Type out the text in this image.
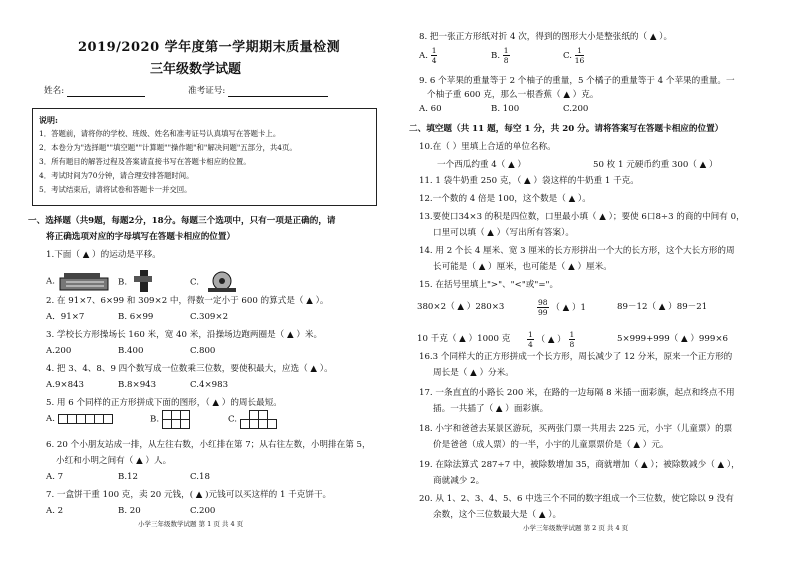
2019/2020 学年度第一学期期末质量检测
三年级数学试题
姓名:	准考证号:
说明:
1．答题前，请将你的学校、班级、姓名和准考证号认真填写在答题卡上。
2．本卷分为"选择题""填空题""计算题""操作题"和"解决问题"五部分，共4页。
3．所有题目的解答过程及答案请直接书写在答题卡相应的位置。
4．考试时间为70分钟，请合理安排答题时间。
5．考试结束后，请将试卷和答题卡一并交回。
一、选择题（共9题，每题2分，18分。每题三个选项中，只有一项是正确的，请
将正确选项对应的字母填写在答题卡相应的位置）
1.下面（ ▲ ）的运动是平移。
A.	B.	C.
2. 在 91×7、6×99 和 309×2 中，得数一定小于 600 的算式是（ ▲ ）。
A．91×7	B. 6×99	C.309×2
3. 学校长方形操场长 160 米，宽 40 米，沿操场边跑两圈是（ ▲ ）米。
A.200	B.400	C.800
4. 把 3、4、8、9 四个数写成一位数乘三位数，要使积最大，应选（ ▲ ）。
A.9×843	B.8×943	C.4×983
5. 用 6 个同样的正方形拼成下面的图形，（ ▲ ）的周长最短。
A.	B.	C.
6. 20 个小朋友站成一排，从左往右数，小红排在第 7；从右往左数，小明排在第 5，
小红和小明之间有（ ▲ ）人。
A. 7	B.12	C.18
7. 一盒饼干重 100 克，卖 20 元钱，( ▲ )元钱可以买这样的 1 千克饼干。
A. 2	B. 20	C.200
小学三年级数学试题 第 1 页 共 4 页
8. 把一张正方形纸对折 4 次，得到的图形大小是整张纸的（ ▲ ）。
A. $\frac{1}{4}$	B. $\frac{1}{8}$	C. $\frac{1}{16}$
9. 6 个苹果的重量等于 2 个柚子的重量，5 个橘子的重量等于 4 个苹果的重量。一
个柚子重 600 克，那么一根香蕉（ ▲ ）克。
A. 60	B. 100	C.200
二、填空题（共 11 题，每空 1 分，共 20 分。请将答案写在答题卡相应的位置）
10.在（ ）里填上合适的单位名称。
一个西瓜约重 4（ ▲ ）	50 枚 1 元硬币约重 300（ ▲ ）
11. 1 袋牛奶重 250 克，（ ▲ ）袋这样的牛奶重 1 千克。
12.一个数的 4 倍是 100，这个数是（ ▲ ）。
13.要使口34×3 的积是四位数，口里最小填（ ▲ ）；要使 6口8÷3 的商的中间有 0，
口里可以填（ ▲ ）（写出所有答案）。
14. 用 2 个长 4 厘米、宽 3 厘米的长方形拼出一个大的长方形，这个大长方形的周
长可能是（ ▲ ）厘米，也可能是（ ▲ ）厘米。
15. 在括号里填上">"、"<"或"="。
380×2（ ▲ ）280×3	$\frac{98}{99}$ （ ▲ ）1	89－12（ ▲ ）89－21
10 千克（ ▲ ）1000 克 $\frac{1}{4}$ （ ▲ ） $\frac{1}{8}$	5×999+999（ ▲ ）999×6
16.3 个同样大的正方形拼成一个长方形，周长减少了 12 分米，原来一个正方形的
周长是（ ▲ ）分米。
17. 一条直直的小路长 200 米，在路的一边每隔 8 米插一面彩旗，起点和终点不用
插。一共插了（ ▲ ）面彩旗。
18. 小宇和爸爸去某景区游玩，买两张门票一共用去 225 元，小宇（儿童票）的票
价是爸爸（成人票）的一半，小宇的儿童票票价是（ ▲ ）元。
19. 在除法算式 287÷7 中，被除数增加 35，商就增加（ ▲ ）；被除数减少（ ▲ ），
商就减少 2。
20. 从 1、2、3、4、5、6 中选三个不同的数字组成一个三位数，使它除以 9 没有
余数，这个三位数最大是（ ▲ ）。
小学三年级数学试题 第 2 页 共 4 页
